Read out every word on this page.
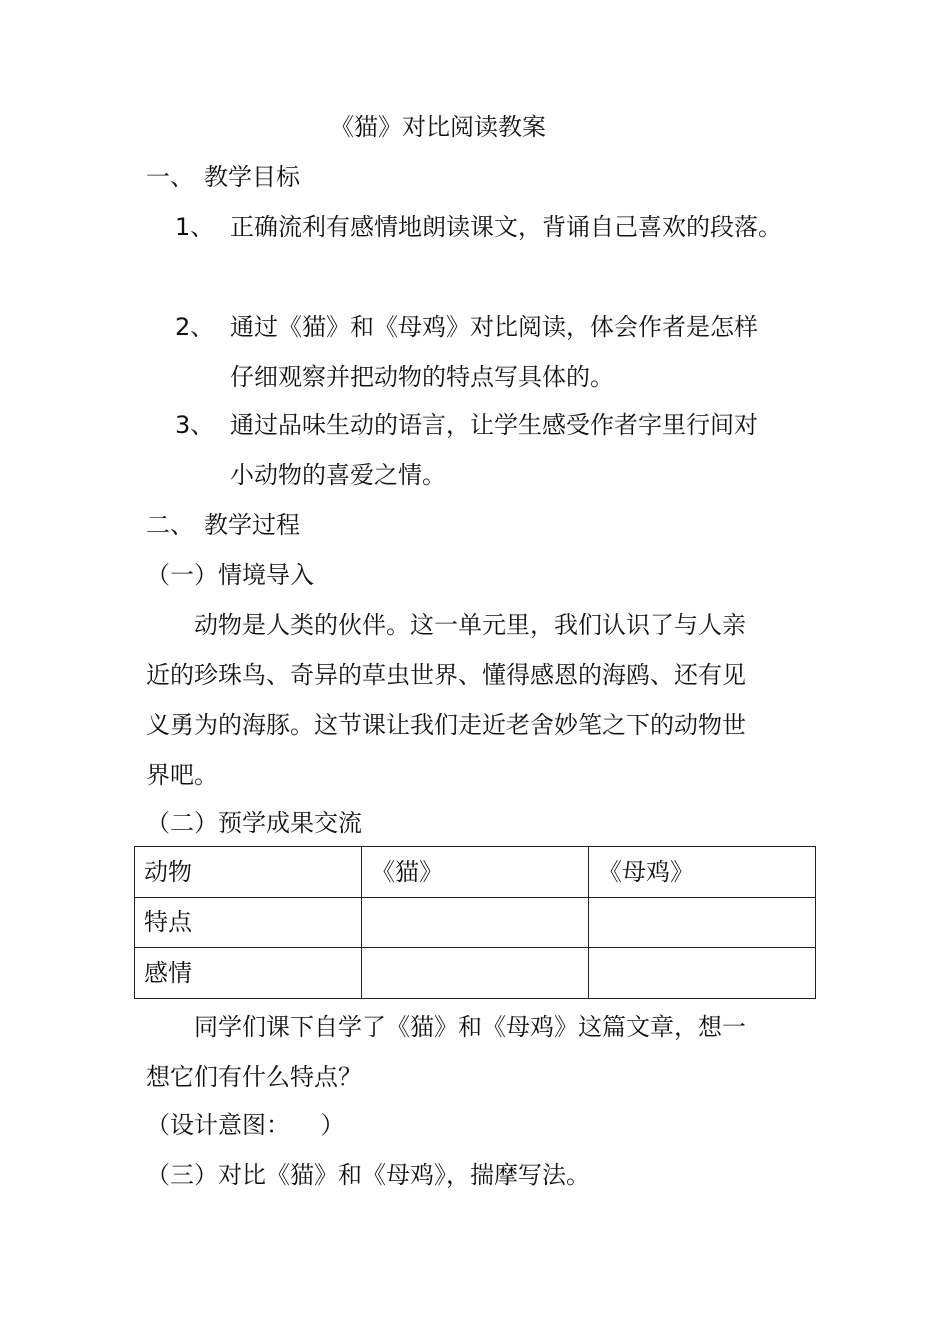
《猫》对比阅读教案
一、 教学目标
1、 正确流利有感情地朗读课文，背诵自己喜欢的段落。
2、 通过《猫》和《母鸡》对比阅读，体会作者是怎样
仔细观察并把动物的特点写具体的。
3、 通过品味生动的语言，让学生感受作者字里行间对
小动物的喜爱之情。
二、 教学过程
（一）情境导入
动物是人类的伙伴。这一单元里，我们认识了与人亲
近的珍珠鸟、奇异的草虫世界、懂得感恩的海鸥、还有见
义勇为的海豚。这节课让我们走近老舍妙笔之下的动物世
界吧。
（二）预学成果交流
动物	《猫》	《母鸡》
特点		
感情		
同学们课下自学了《猫》和《母鸡》这篇文章，想一
想它们有什么特点？
（设计意图：    ）
（三）对比《猫》和《母鸡》，揣摩写法。
